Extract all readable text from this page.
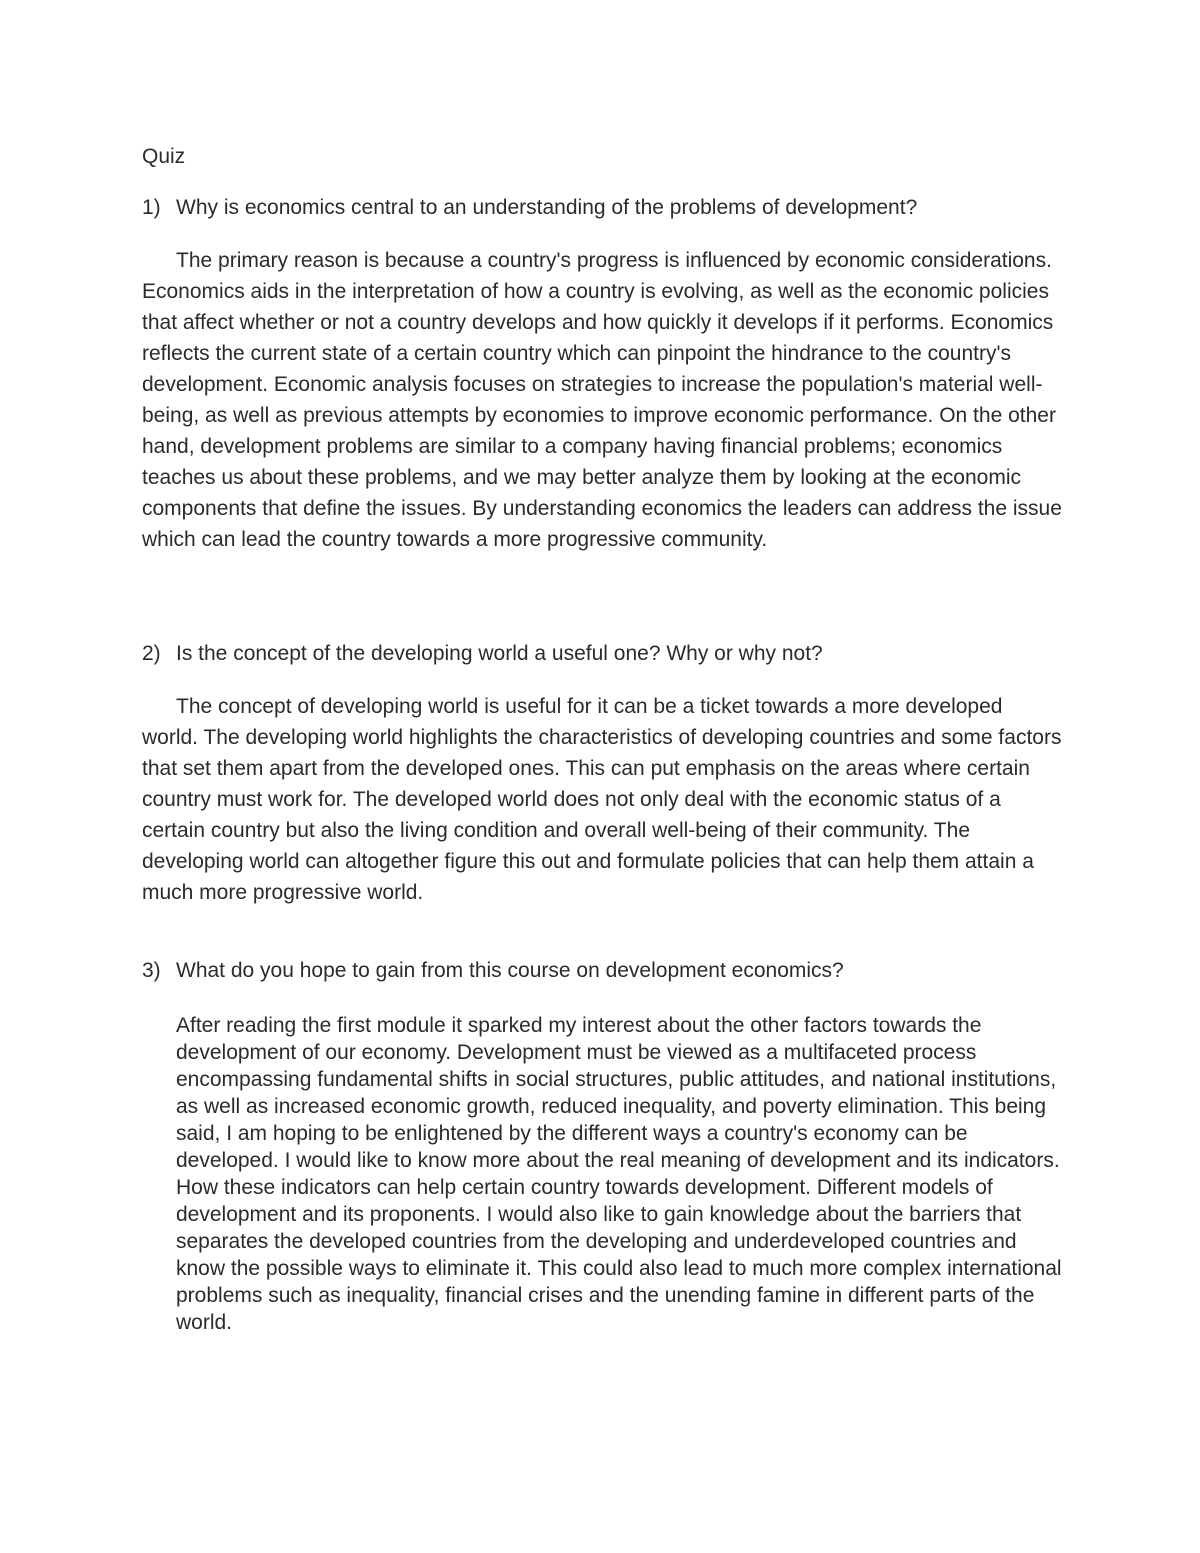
Quiz

1) Why is economics central to an understanding of the problems of development?

The primary reason is because a country's progress is influenced by economic considerations. Economics aids in the interpretation of how a country is evolving, as well as the economic policies that affect whether or not a country develops and how quickly it develops if it performs. Economics reflects the current state of a certain country which can pinpoint the hindrance to the country's development. Economic analysis focuses on strategies to increase the population's material well-being, as well as previous attempts by economies to improve economic performance. On the other hand, development problems are similar to a company having financial problems; economics teaches us about these problems, and we may better analyze them by looking at the economic components that define the issues. By understanding economics the leaders can address the issue which can lead the country towards a more progressive community.

2) Is the concept of the developing world a useful one? Why or why not?

The concept of developing world is useful for it can be a ticket towards a more developed world. The developing world highlights the characteristics of developing countries and some factors that set them apart from the developed ones. This can put emphasis on the areas where certain country must work for. The developed world does not only deal with the economic status of a certain country but also the living condition and overall well-being of their community. The developing world can altogether figure this out and formulate policies that can help them attain a much more progressive world.

3) What do you hope to gain from this course on development economics?

After reading the first module it sparked my interest about the other factors towards the development of our economy. Development must be viewed as a multifaceted process encompassing fundamental shifts in social structures, public attitudes, and national institutions, as well as increased economic growth, reduced inequality, and poverty elimination. This being said, I am hoping to be enlightened by the different ways a country's economy can be developed. I would like to know more about the real meaning of development and its indicators. How these indicators can help certain country towards development. Different models of development and its proponents. I would also like to gain knowledge about the barriers that separates the developed countries from the developing and underdeveloped countries and know the possible ways to eliminate it. This could also lead to much more complex international problems such as inequality, financial crises and the unending famine in different parts of the world.
